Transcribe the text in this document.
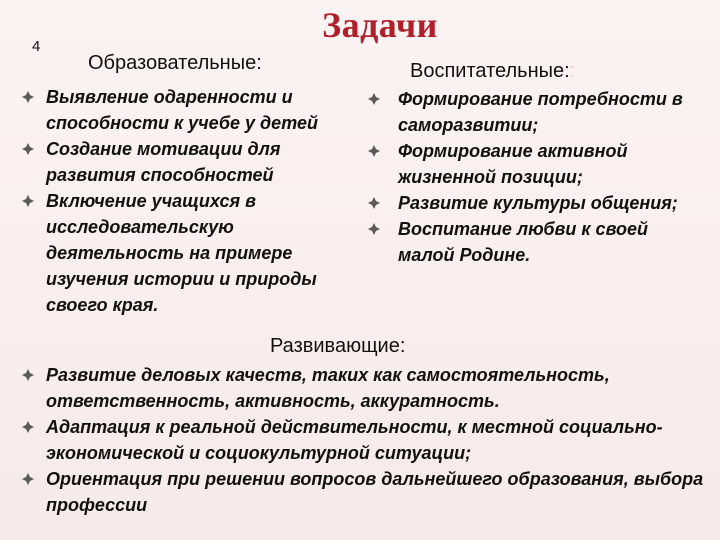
Задачи
4
Образовательные:
Выявление одаренности и способности к учебе у детей
Создание мотивации для развития способностей
Включение учащихся в исследовательскую деятельность на примере изучения истории и природы своего края.
Воспитательные::
Формирование потребности в саморазвитии;
Формирование активной жизненной позиции;
Развитие культуры общения;
Воспитание любви к своей малой Родине.
Развивающие:
Развитие деловых качеств, таких как самостоятельность, ответственность, активность, аккуратность.
Адаптация к реальной действительности, к местной социально-экономической и социокультурной ситуации;
Ориентация при решении вопросов дальнейшего образования, выбора профессии
